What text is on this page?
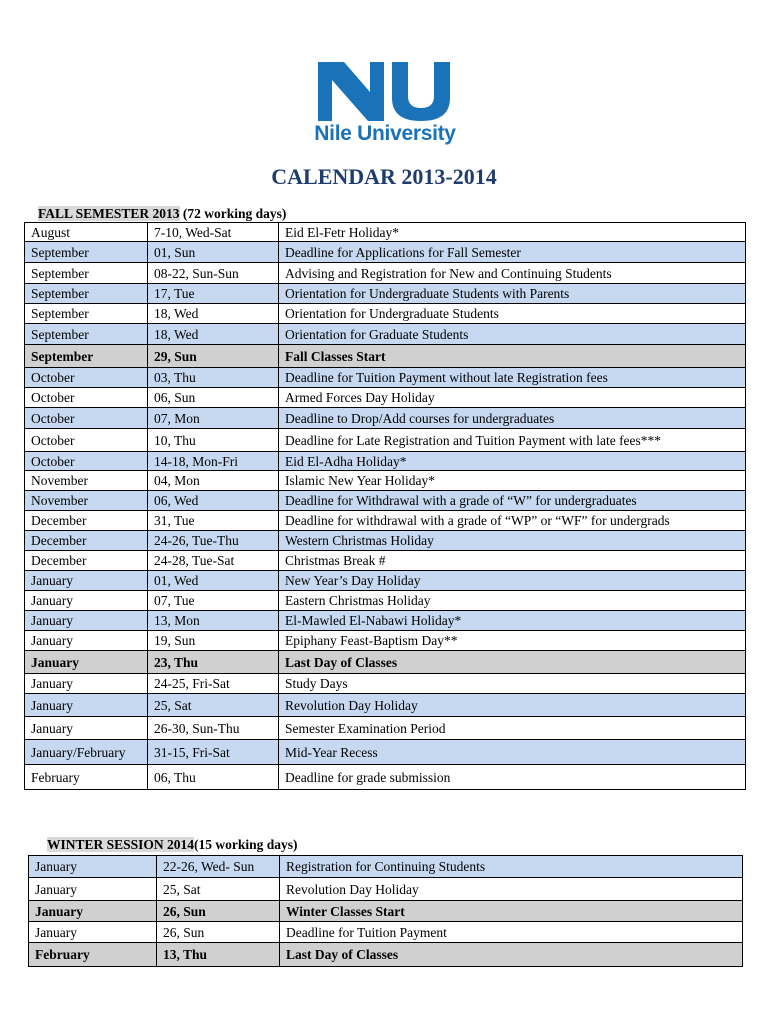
Nile University
CALENDAR 2013-2014
FALL SEMESTER 2013 (72 working days)
August	7-10, Wed-Sat	Eid El-Fetr Holiday*
September	01, Sun	Deadline for Applications for Fall Semester
September	08-22, Sun-Sun	Advising and Registration for New and Continuing Students
September	17, Tue	Orientation for Undergraduate Students with Parents
September	18, Wed	Orientation for Undergraduate Students
September	18, Wed	Orientation for Graduate Students
September	29, Sun	Fall Classes Start
October	03, Thu	Deadline for Tuition Payment without late Registration fees
October	06, Sun	Armed Forces Day Holiday
October	07, Mon	Deadline to Drop/Add courses for undergraduates
October	10, Thu	Deadline for Late Registration and Tuition Payment with late fees***
October	14-18, Mon-Fri	Eid El-Adha Holiday*
November	04, Mon	Islamic New Year Holiday*
November	06, Wed	Deadline for Withdrawal with a grade of “W” for undergraduates
December	31, Tue	Deadline for withdrawal with a grade of “WP” or “WF” for undergrads
December	24-26, Tue-Thu	Western Christmas Holiday
December	24-28, Tue-Sat	Christmas Break #
January	01, Wed	New Year’s Day Holiday
January	07, Tue	Eastern Christmas Holiday
January	13, Mon	El-Mawled El-Nabawi Holiday*
January	19, Sun	Epiphany Feast-Baptism Day**
January	23, Thu	Last Day of Classes
January	24-25, Fri-Sat	Study Days
January	25, Sat	Revolution Day Holiday
January	26-30, Sun-Thu	Semester Examination Period
January/February	31-15, Fri-Sat	Mid-Year Recess
February	06, Thu	Deadline for grade submission
WINTER SESSION 2014(15 working days)
January	22-26, Wed- Sun	Registration for Continuing Students
January	25, Sat	Revolution Day Holiday
January	26, Sun	Winter Classes Start
January	26, Sun	Deadline for Tuition Payment
February	13, Thu	Last Day of Classes
